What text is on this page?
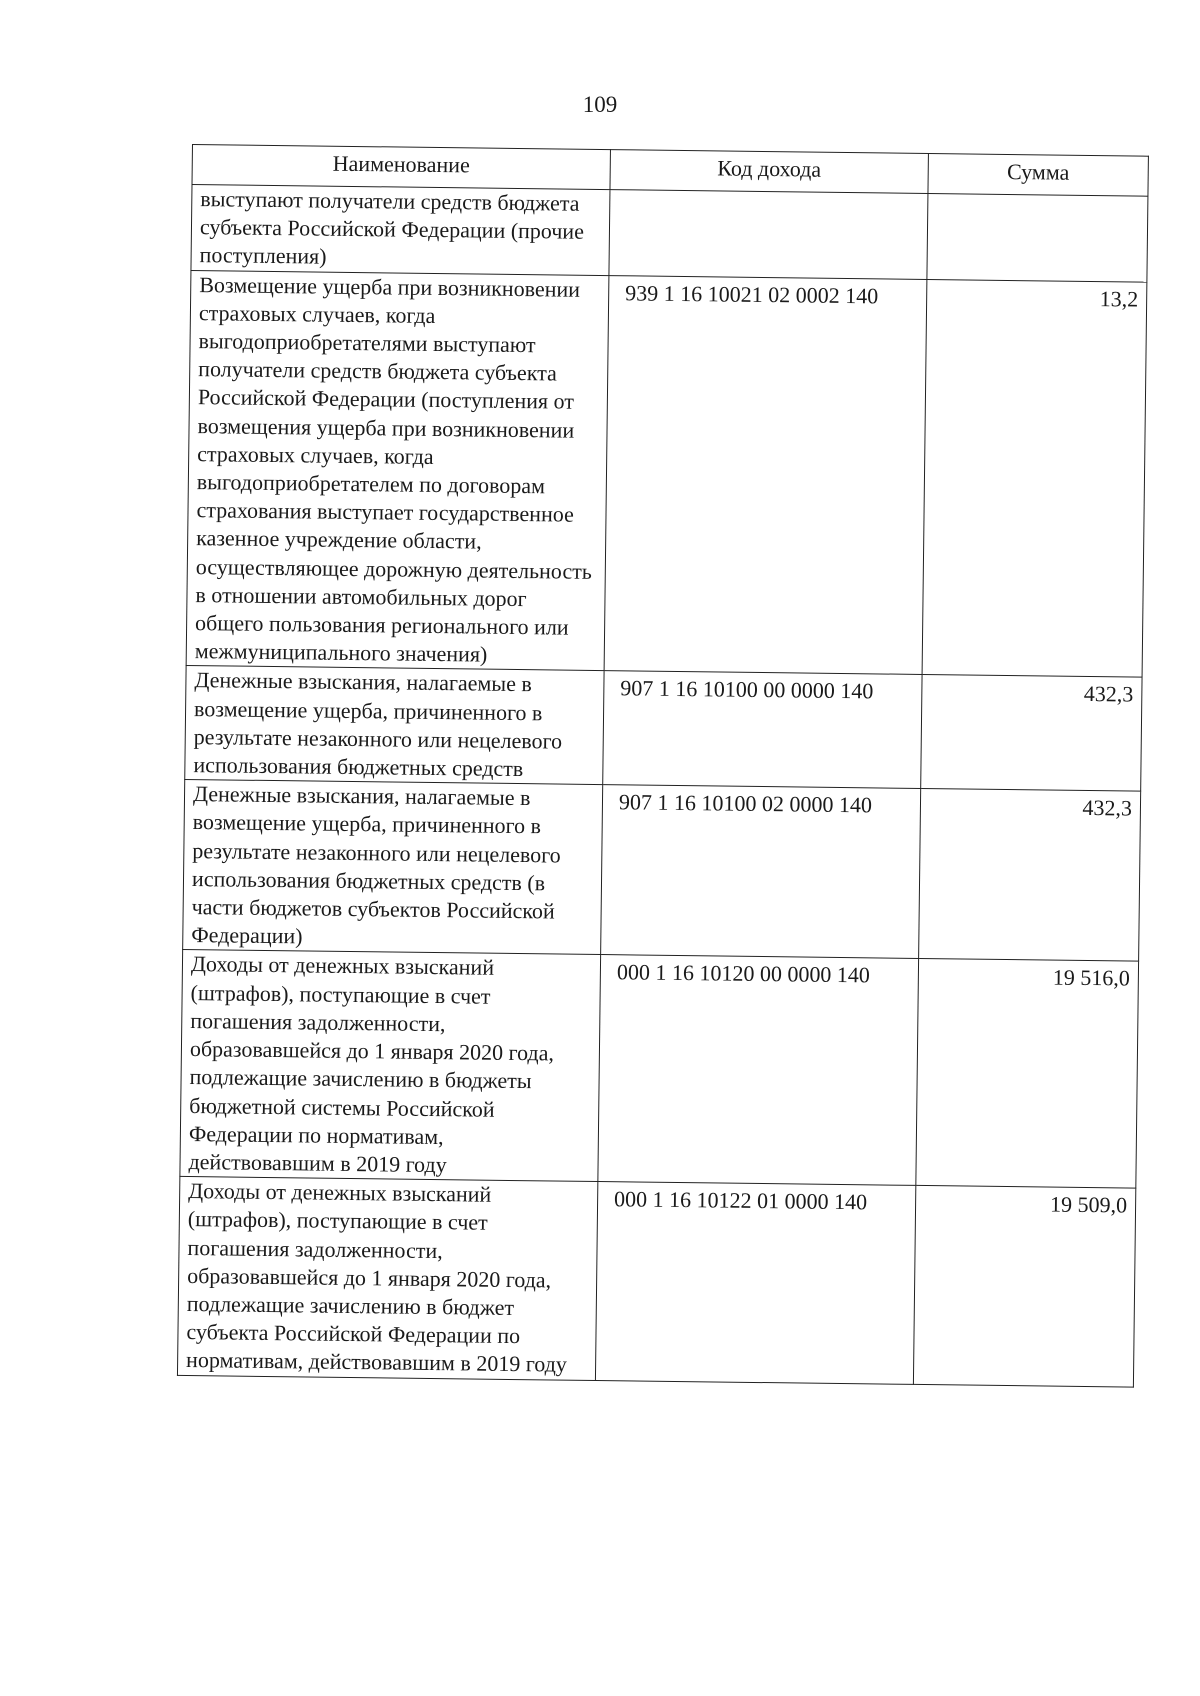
109
Наименование	Код дохода	Сумма
выступают получатели средств бюджета субъекта Российской Федерации (прочие поступления)		
Возмещение ущерба при возникновении страховых случаев, когда выгодоприобретателями выступают получатели средств бюджета субъекта Российской Федерации (поступления от возмещения ущерба при возникновении страховых случаев, когда выгодоприобретателем по договорам страхования выступает государственное казенное учреждение области, осуществляющее дорожную деятельность в отношении автомобильных дорог общего пользования регионального или межмуниципального значения)	939 1 16 10021 02 0002 140	13,2
Денежные взыскания, налагаемые в возмещение ущерба, причиненного в результате незаконного или нецелевого использования бюджетных средств	907 1 16 10100 00 0000 140	432,3
Денежные взыскания, налагаемые в возмещение ущерба, причиненного в результате незаконного или нецелевого использования бюджетных средств (в части бюджетов субъектов Российской Федерации)	907 1 16 10100 02 0000 140	432,3
Доходы от денежных взысканий (штрафов), поступающие в счет погашения задолженности, образовавшейся до 1 января 2020 года, подлежащие зачислению в бюджеты бюджетной системы Российской Федерации по нормативам, действовавшим в 2019 году	000 1 16 10120 00 0000 140	19 516,0
Доходы от денежных взысканий (штрафов), поступающие в счет погашения задолженности, образовавшейся до 1 января 2020 года, подлежащие зачислению в бюджет субъекта Российской Федерации по нормативам, действовавшим в 2019 году	000 1 16 10122 01 0000 140	19 509,0
